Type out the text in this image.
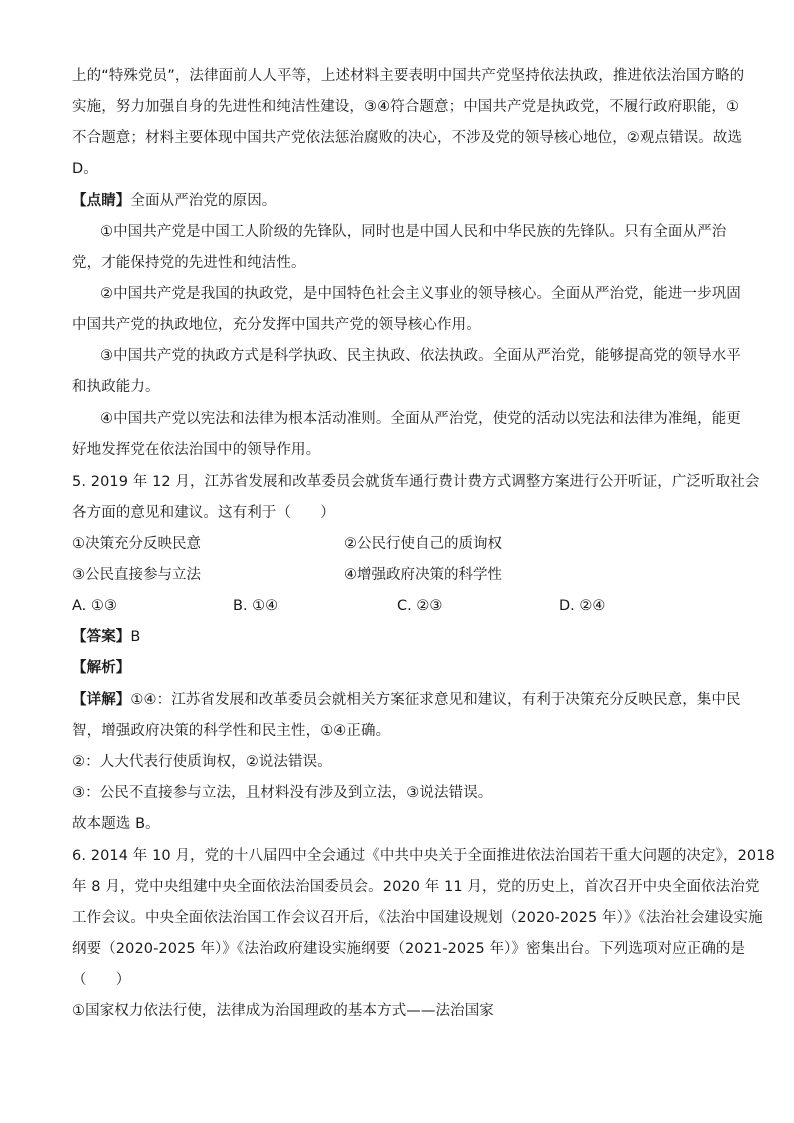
上的“特殊党员”，法律面前人人平等，上述材料主要表明中国共产党坚持依法执政，推进依法治国方略的
实施，努力加强自身的先进性和纯洁性建设，③④符合题意；中国共产党是执政党，不履行政府职能，①
不合题意；材料主要体现中国共产党依法惩治腐败的决心，不涉及党的领导核心地位，②观点错误。故选
D。
【点睛】全面从严治党的原因。
①中国共产党是中国工人阶级的先锋队，同时也是中国人民和中华民族的先锋队。只有全面从严治
党，才能保持党的先进性和纯洁性。
②中国共产党是我国的执政党，是中国特色社会主义事业的领导核心。全面从严治党，能进一步巩固
中国共产党的执政地位，充分发挥中国共产党的领导核心作用。
③中国共产党的执政方式是科学执政、民主执政、依法执政。全面从严治党，能够提高党的领导水平
和执政能力。
④中国共产党以宪法和法律为根本活动准则。全面从严治党，使党的活动以宪法和法律为准绳，能更
好地发挥党在依法治国中的领导作用。
5. 2019 年 12 月，江苏省发展和改革委员会就货车通行费计费方式调整方案进行公开听证，广泛听取社会
各方面的意见和建议。这有利于（　　）
①决策充分反映民意	②公民行使自己的质询权
③公民直接参与立法	④增强政府决策的科学性
A. ①③	B. ①④	C. ②③	D. ②④
【答案】B
【解析】
【详解】①④：江苏省发展和改革委员会就相关方案征求意见和建议，有利于决策充分反映民意，集中民
智，增强政府决策的科学性和民主性，①④正确。
②：人大代表行使质询权，②说法错误。
③：公民不直接参与立法，且材料没有涉及到立法，③说法错误。
故本题选 B。
6. 2014 年 10 月，党的十八届四中全会通过《中共中央关于全面推进依法治国若干重大问题的决定》，2018
年 8 月，党中央组建中央全面依法治国委员会。2020 年 11 月，党的历史上，首次召开中央全面依法治党
工作会议。中央全面依法治国工作会议召开后，《法治中国建设规划（2020-2025 年）》《法治社会建设实施
纲要（2020-2025 年）》《法治政府建设实施纲要（2021-2025 年）》密集出台。下列选项对应正确的是
（　　）
①国家权力依法行使，法律成为治国理政的基本方式——法治国家
